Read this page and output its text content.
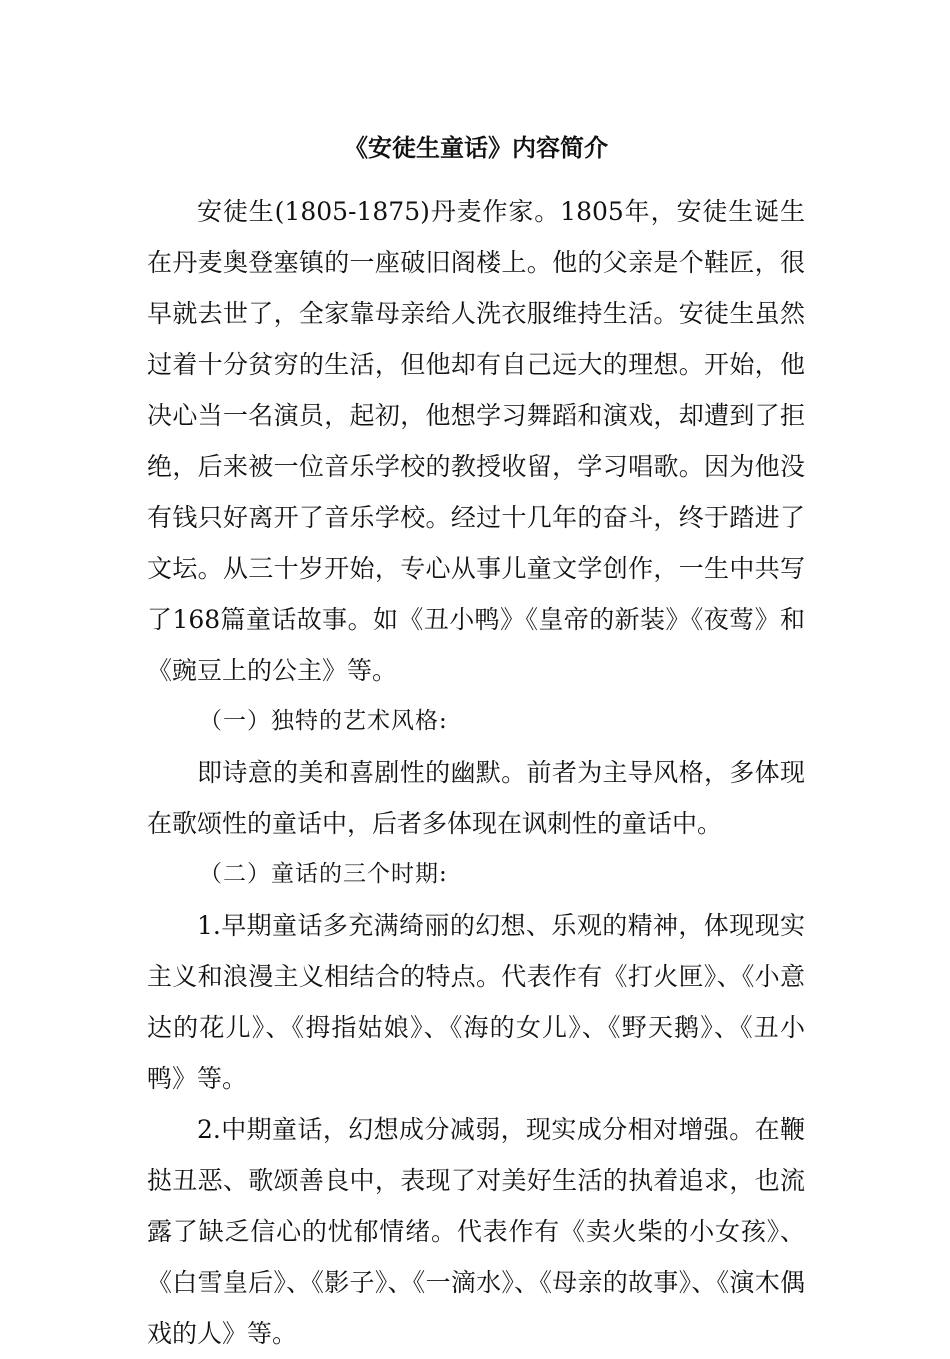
《安徒生童话》内容简介

安徒生(1805-1875)丹麦作家。1805年，安徒生诞生在丹麦奥登塞镇的一座破旧阁楼上。他的父亲是个鞋匠，很早就去世了，全家靠母亲给人洗衣服维持生活。安徒生虽然过着十分贫穷的生活，但他却有自己远大的理想。开始，他决心当一名演员，起初，他想学习舞蹈和演戏，却遭到了拒绝，后来被一位音乐学校的教授收留，学习唱歌。因为他没有钱只好离开了音乐学校。经过十几年的奋斗，终于踏进了文坛。从三十岁开始，专心从事儿童文学创作，一生中共写了168篇童话故事。如《丑小鸭》《皇帝的新装》《夜莺》和《豌豆上的公主》等。

（一）独特的艺术风格:

即诗意的美和喜剧性的幽默。前者为主导风格，多体现在歌颂性的童话中，后者多体现在讽刺性的童话中。

（二）童话的三个时期:

1.早期童话多充满绮丽的幻想、乐观的精神，体现现实主义和浪漫主义相结合的特点。代表作有《打火匣》、《小意达的花儿》、《拇指姑娘》、《海的女儿》、《野天鹅》、《丑小鸭》等。

2.中期童话，幻想成分减弱，现实成分相对增强。在鞭挞丑恶、歌颂善良中，表现了对美好生活的执着追求，也流露了缺乏信心的忧郁情绪。代表作有《卖火柴的小女孩》、《白雪皇后》、《影子》、《一滴水》、《母亲的故事》、《演木偶戏的人》等。
